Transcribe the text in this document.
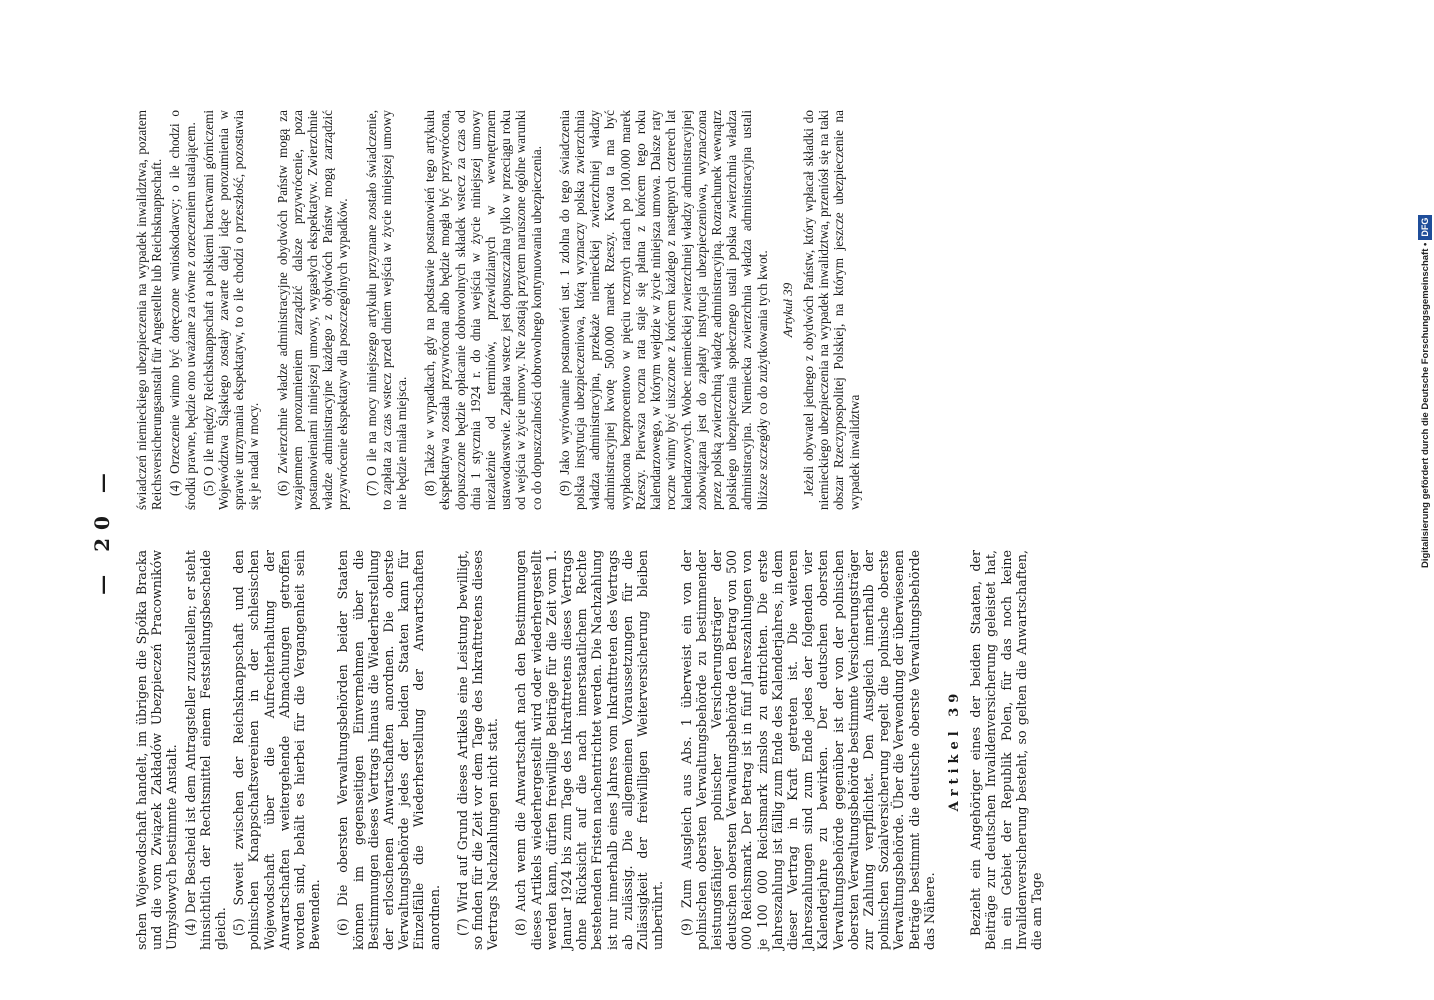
— 20 —

schen Wojewodschaft handelt, im übrigen die Spółka Bracka und die vom Związek Zakładów Ubezpieczeń Pracowników Umysłowych bestimmte Anstalt. (4) Der Bescheid ist dem Antragsteller zuzustellen; er steht hinsichtlich der Rechtsmittel einem Feststellungsbescheide gleich. (5) Soweit zwischen der Reichsknappschaft und den polnischen Knappschaftsvereinen in der schlesischen Wojewodschaft über die Aufrechterhaltung der Anwartschaften weitergehende Abmachungen getroffen worden sind, behält es hierbei für die Vergangenheit sein Bewenden. (6) Die obersten Verwaltungsbehörden beider Staaten können im gegenseitigen Einvernehmen über die Bestimmungen dieses Vertrags hinaus die Wiederherstellung der erloschenen Anwartschaften anordnen. Die oberste Verwaltungsbehörde jedes der beiden Staaten kann für Einzelfälle die Wiederherstellung der Anwartschaften anordnen. (7) Wird auf Grund dieses Artikels eine Leistung bewilligt, so finden für die Zeit vor dem Tage des Inkrafttretens dieses Vertrags Nachzahlungen nicht statt. (8) Auch wenn die Anwartschaft nach den Bestimmungen dieses Artikels wiederhergestellt wird oder wiederhergestellt werden kann, dürfen freiwillige Beiträge für die Zeit vom 1. Januar 1924 bis zum Tage des Inkrafttretens dieses Vertrags ohne Rücksicht auf die nach innerstaatlichem Rechte bestehenden Fristen nachentrichtet werden. Die Nachzahlung ist nur innerhalb eines Jahres vom Inkrafttreten des Vertrags ab zulässig. Die allgemeinen Voraussetzungen für die Zulässigkeit der freiwilligen Weiterversicherung bleiben unberührt. (9) Zum Ausgleich aus Abs. 1 überweist ein von der polnischen obersten Verwaltungsbehörde zu bestimmender leistungsfähiger polnischer Versicherungsträger der deutschen obersten Verwaltungsbehörde den Betrag von 500 000 Reichsmark. Der Betrag ist in fünf Jahreszahlungen von je 100 000 Reichsmark zinslos zu entrichten. Die erste Jahreszahlung ist fällig zum Ende des Kalenderjahres, in dem dieser Vertrag in Kraft getreten ist. Die weiteren Jahreszahlungen sind zum Ende jedes der folgenden vier Kalenderjahre zu bewirken. Der deutschen obersten Verwaltungsbehörde gegenüber ist der von der polnischen obersten Verwaltungsbehörde bestimmte Versicherungsträger zur Zahlung verpflichtet. Den Ausgleich innerhalb der polnischen Sozialversicherung regelt die polnische oberste Verwaltungsbehörde. Über die Verwendung der überwiesenen Beträge bestimmt die deutsche oberste Verwaltungsbehörde das Nähere.

Artikel 39 Bezieht ein Angehöriger eines der beiden Staaten, der Beiträge zur deutschen Invalidenversicherung geleistet hat, in ein Gebiet der Republik Polen, für das noch keine Invalidenversicherung besteht, so gelten die Anwartschaften, die am Tage

świadczeń niemieckiego ubezpieczenia na wypadek inwalidztwa, pozatem Reichsversicherungsanstalt für Angestellte lub Reichsknappschaft. (4) Orzeczenie winno być doręczone wnioskodawcy; o ile chodzi o środki prawne, będzie ono uważane za równe z orzeczeniem ustalającem. (5) O ile między Reichsknappschaft a polskiemi bractwami górniczemi Województwa Śląskiego zostały zawarte dalej idące porozumienia w sprawie utrzymania ekspektatyw, to o ile chodzi o przeszłość, pozostawia się je nadal w mocy. (6) Zwierzchnie władze administracyjne obydwóch Państw mogą za wzajemnem porozumieniem zarządzić dalsze przywrócenie, poza postanowieniami niniejszej umowy, wygasłych ekspektatyw. Zwierzchnie władze administracyjne każdego z obydwóch Państw mogą zarządzić przywrócenie ekspektatyw dla poszczególnych wypadków. (7) O ile na mocy niniejszego artykułu przyznane zostało świadczenie, to zapłata za czas wstecz przed dniem wejścia w życie niniejszej umowy nie będzie miała miejsca. (8) Także w wypadkach, gdy na podstawie postanowień tego artykułu ekspektatywa została przywrócona albo będzie mogła być przywrócona, dopuszczone będzie opłacanie dobrowolnych składek wstecz za czas od dnia 1 stycznia 1924 r. do dnia wejścia w życie niniejszej umowy niezależnie od terminów, przewidzianych w wewnętrznem ustawodawstwie. Zapłata wstecz jest dopuszczalna tylko w przeciągu roku od wejścia w życie umowy. Nie zostają przytem naruszone ogólne warunki co do dopuszczalności dobrowolnego kontynuowania ubezpieczenia. (9) Jako wyrównanie postanowień ust. 1 zdolna do tego świadczenia polska instytucja ubezpieczeniowa, którą wyznaczy polska zwierzchnia władza administracyjna, przekaże niemieckiej zwierzchniej władzy administracyjnej kwotę 500.000 marek Rzeszy. Kwota ta ma być wypłacona bezprocentowo w pięciu rocznych ratach po 100.000 marek Rzeszy. Pierwsza roczna rata staje się płatna z końcem tego roku kalendarzowego, w którym wejdzie w życie niniejsza umowa. Dalsze raty roczne winny być uiszczone z końcem każdego z następnych czterech lat kalendarzowych. Wobec niemieckiej zwierzchniej władzy administracyjnej zobowiązana jest do zapłaty instytucja ubezpieczeniowa, wyznaczona przez polską zwierzchnią władzę administracyjną. Rozrachunek wewnątrz polskiego ubezpieczenia społecznego ustali polska zwierzchnia władza administracyjna. Niemiecka zwierzchnia władza administracyjna ustali bliższe szczegóły co do zużytkowania tych kwot. Artykuł 39 Jeżeli obywatel jednego z obydwóch Państw, który wpłacał składki do niemieckiego ubezpieczenia na wypadek inwalidztwa, przeniósł się na taki obszar Rzeczypospolitej Polskiej, na którym jeszcze ubezpieczenie na wypadek inwalidztwa	Digitalisierung gefördert durch die Deutsche Forschungsgemeinschaft •DFG
